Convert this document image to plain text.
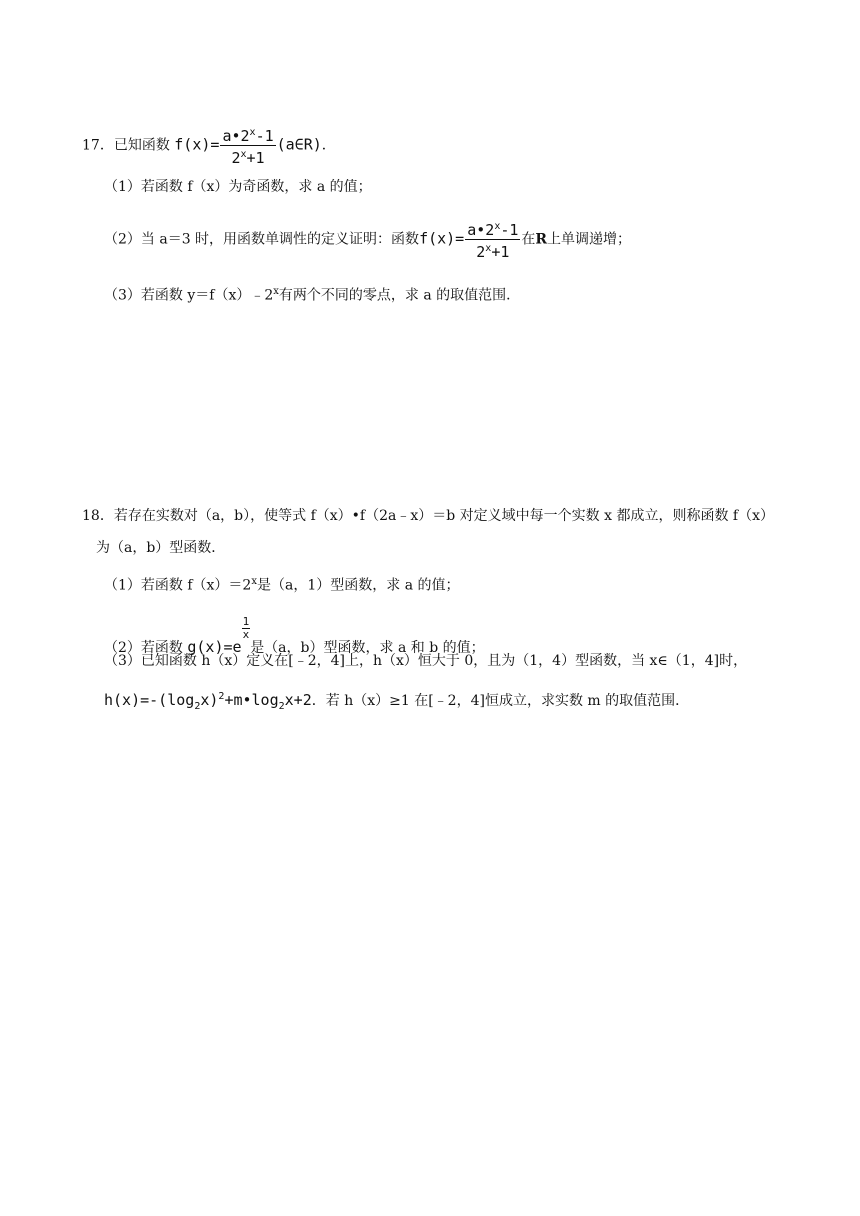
17．已知函数 $f(x)= \frac{a•2^x-1}{2^x+1}$ (a∈R)．
（1）若函数 f（x）为奇函数，求 a 的值；
（2）当 a＝3 时，用函数单调性的定义证明：函数$f(x)= \frac{a•2^x-1}{2^x+1}$ 在R上单调递增；
（3）若函数 $y=f(x)﹣2^x$有两个不同的零点，求 a 的取值范围．
18．若存在实数对（a，b），使等式 f（x）•f（2a﹣x）＝b 对定义域中每一个实数 x 都成立，则称函数 f（x）
为（a，b）型函数．
（1）若函数 $f(x)=2^x$是（a，1）型函数，求 a 的值；
（2）若函数 g(x)=e
$\frac{1}{x}$
是（a，b）型函数，求 a 和 b 的值；
（3）已知函数 h（x）定义在[﹣2，4]上，h（x）恒大于 0，且为（1，4）型函数，当 x∈（1，4]时，
$h(x)=-(\log_2x)^2+m•\log_2x+2$．若 h（x）≥1 在[﹣2，4]恒成立，求实数 m 的取值范围．
